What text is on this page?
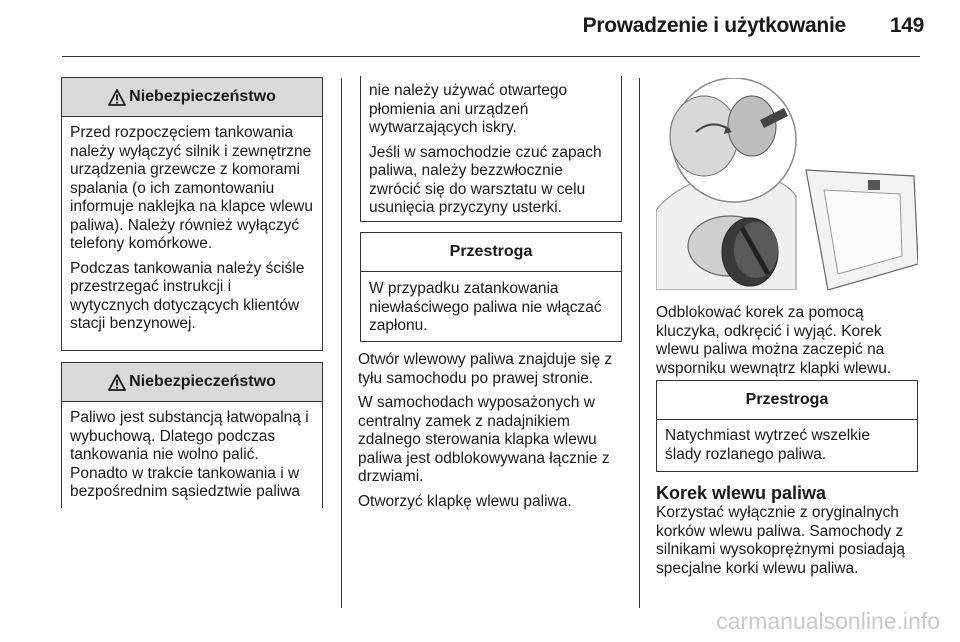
Prowadzenie i użytkowanie 149
Niebezpieczeństwo

Przed rozpoczęciem tankowania należy wyłączyć silnik i zewnętrzne urządzenia grzewcze z komorami spalania (o ich zamontowaniu informuje naklejka na klapce wlewu paliwa). Należy również wyłączyć telefony komórkowe.

Podczas tankowania należy ściśle przestrzegać instrukcji i wytycznych dotyczących klientów stacji benzynowej.

Niebezpieczeństwo

Paliwo jest substancją łatwopalną i wybuchową. Dlatego podczas tankowania nie wolno palić. Ponadto w trakcie tankowania i w bezpośrednim sąsiedztwie paliwa

nie należy używać otwartego płomienia ani urządzeń wytwarzających iskry.

Jeśli w samochodzie czuć zapach paliwa, należy bezzwłocznie zwrócić się do warsztatu w celu usunięcia przyczyny usterki.

Przestroga

W przypadku zatankowania niewłaściwego paliwa nie włączać zapłonu.

Otwór wlewowy paliwa znajduje się z tyłu samochodu po prawej stronie.

W samochodach wyposażonych w centralny zamek z nadajnikiem zdalnego sterowania klapka wlewu paliwa jest odblokowywana łącznie z drzwiami.

Otworzyć klapkę wlewu paliwa.

Odblokować korek za pomocą kluczyka, odkręcić i wyjąć. Korek wlewu paliwa można zaczepić na wsporniku wewnątrz klapki wlewu.

Przestroga

Natychmiast wytrzeć wszelkie ślady rozlanego paliwa.

Korek wlewu paliwa

Korzystać wyłącznie z oryginalnych korków wlewu paliwa. Samochody z silnikami wysokoprężnymi posiadają specjalne korki wlewu paliwa.

carmanualsonline.info
